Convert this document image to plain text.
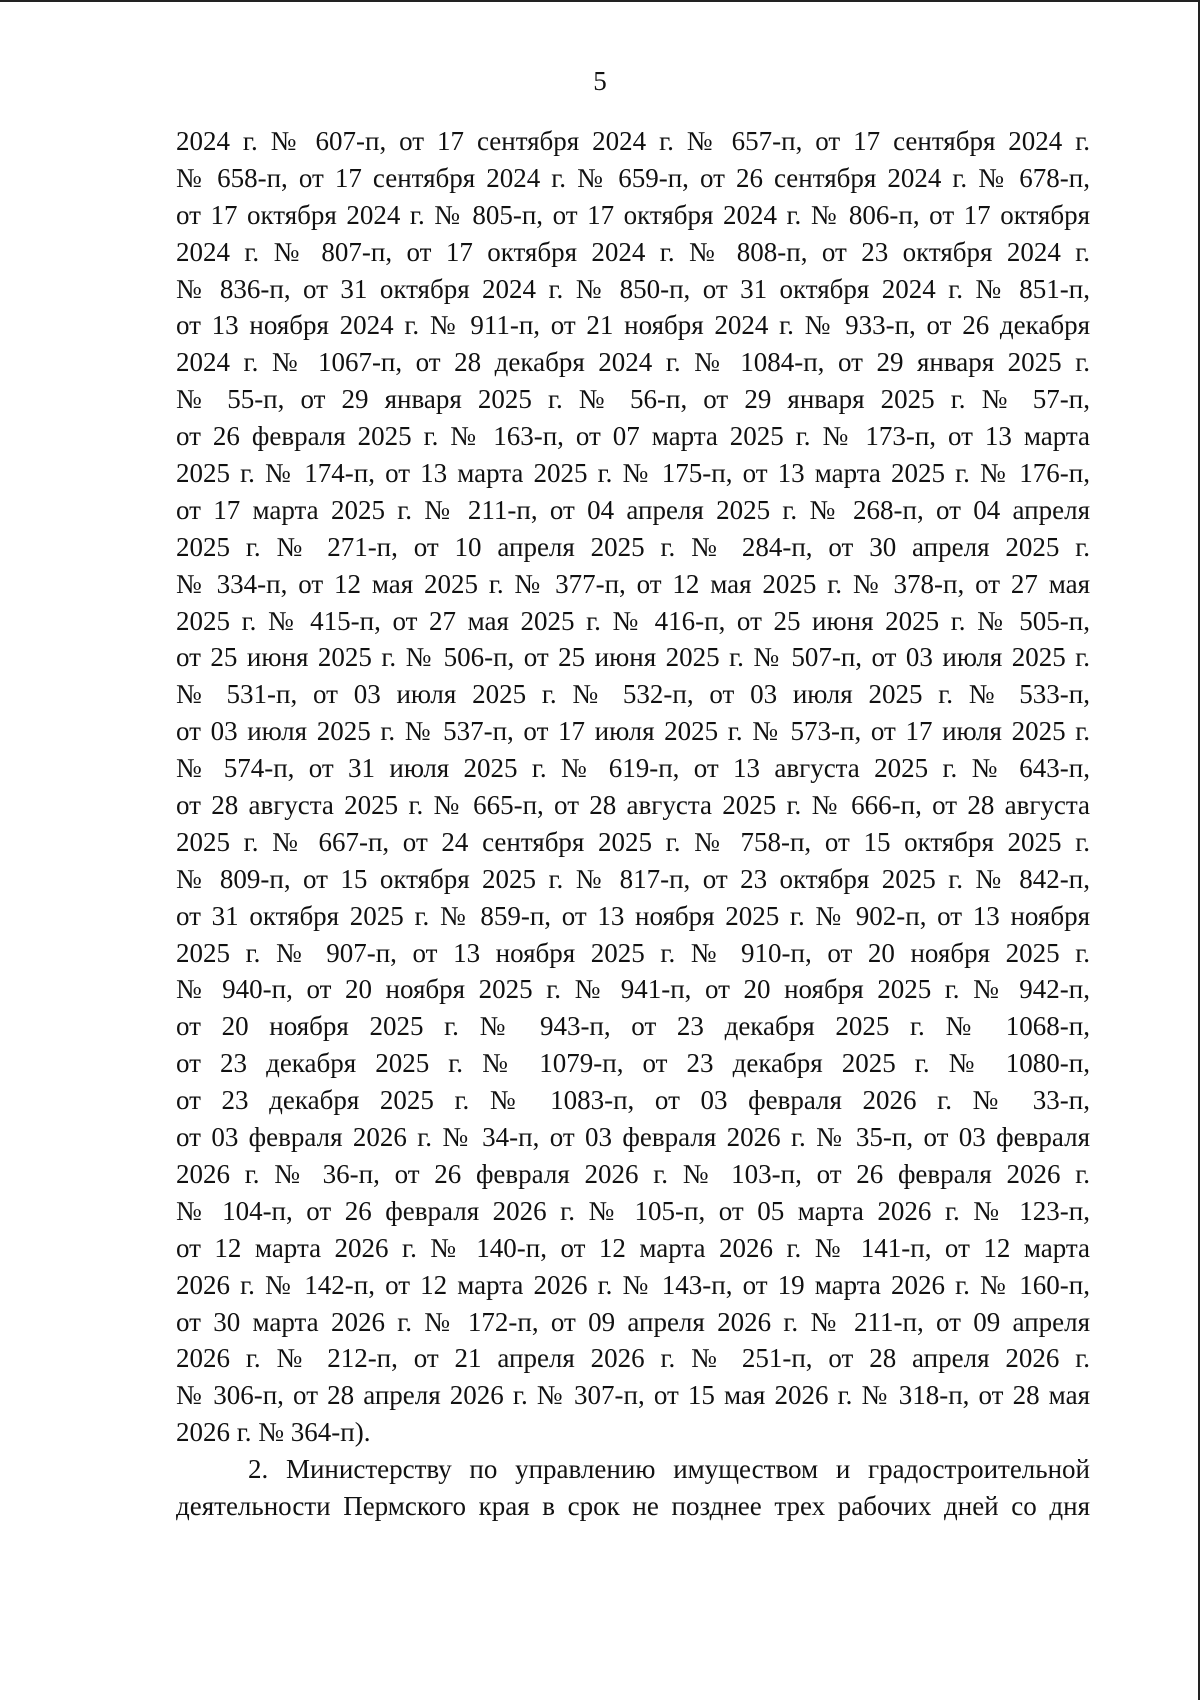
5
2024 г. № 607-п, от 17 сентября 2024 г. № 657-п, от 17 сентября 2024 г.
№ 658-п, от 17 сентября 2024 г. № 659-п, от 26 сентября 2024 г. № 678-п,
от 17 октября 2024 г. № 805-п, от 17 октября 2024 г. № 806-п, от 17 октября
2024 г. № 807-п, от 17 октября 2024 г. № 808-п, от 23 октября 2024 г.
№ 836-п, от 31 октября 2024 г. № 850-п, от 31 октября 2024 г. № 851-п,
от 13 ноября 2024 г. № 911-п, от 21 ноября 2024 г. № 933-п, от 26 декабря
2024 г. № 1067-п, от 28 декабря 2024 г. № 1084-п, от 29 января 2025 г.
№ 55-п, от 29 января 2025 г. № 56-п, от 29 января 2025 г. № 57-п,
от 26 февраля 2025 г. № 163-п, от 07 марта 2025 г. № 173-п, от 13 марта
2025 г. № 174-п, от 13 марта 2025 г. № 175-п, от 13 марта 2025 г. № 176-п,
от 17 марта 2025 г. № 211-п, от 04 апреля 2025 г. № 268-п, от 04 апреля
2025 г. № 271-п, от 10 апреля 2025 г. № 284-п, от 30 апреля 2025 г.
№ 334-п, от 12 мая 2025 г. № 377-п, от 12 мая 2025 г. № 378-п, от 27 мая
2025 г. № 415-п, от 27 мая 2025 г. № 416-п, от 25 июня 2025 г. № 505-п,
от 25 июня 2025 г. № 506-п, от 25 июня 2025 г. № 507-п, от 03 июля 2025 г.
№ 531-п, от 03 июля 2025 г. № 532-п, от 03 июля 2025 г. № 533-п,
от 03 июля 2025 г. № 537-п, от 17 июля 2025 г. № 573-п, от 17 июля 2025 г.
№ 574-п, от 31 июля 2025 г. № 619-п, от 13 августа 2025 г. № 643-п,
от 28 августа 2025 г. № 665-п, от 28 августа 2025 г. № 666-п, от 28 августа
2025 г. № 667-п, от 24 сентября 2025 г. № 758-п, от 15 октября 2025 г.
№ 809-п, от 15 октября 2025 г. № 817-п, от 23 октября 2025 г. № 842-п,
от 31 октября 2025 г. № 859-п, от 13 ноября 2025 г. № 902-п, от 13 ноября
2025 г. № 907-п, от 13 ноября 2025 г. № 910-п, от 20 ноября 2025 г.
№ 940-п, от 20 ноября 2025 г. № 941-п, от 20 ноября 2025 г. № 942-п,
от 20 ноября 2025 г. № 943-п, от 23 декабря 2025 г. № 1068-п,
от 23 декабря 2025 г. № 1079-п, от 23 декабря 2025 г. № 1080-п,
от 23 декабря 2025 г. № 1083-п, от 03 февраля 2026 г. № 33-п,
от 03 февраля 2026 г. № 34-п, от 03 февраля 2026 г. № 35-п, от 03 февраля
2026 г. № 36-п, от 26 февраля 2026 г. № 103-п, от 26 февраля 2026 г.
№ 104-п, от 26 февраля 2026 г. № 105-п, от 05 марта 2026 г. № 123-п,
от 12 марта 2026 г. № 140-п, от 12 марта 2026 г. № 141-п, от 12 марта
2026 г. № 142-п, от 12 марта 2026 г. № 143-п, от 19 марта 2026 г. № 160-п,
от 30 марта 2026 г. № 172-п, от 09 апреля 2026 г. № 211-п, от 09 апреля
2026 г. № 212-п, от 21 апреля 2026 г. № 251-п, от 28 апреля 2026 г.
№ 306-п, от 28 апреля 2026 г. № 307-п, от 15 мая 2026 г. № 318-п, от 28 мая
2026 г. № 364-п).
2. Министерству по управлению имуществом и градостроительной
деятельности Пермского края в срок не позднее трех рабочих дней со дня
